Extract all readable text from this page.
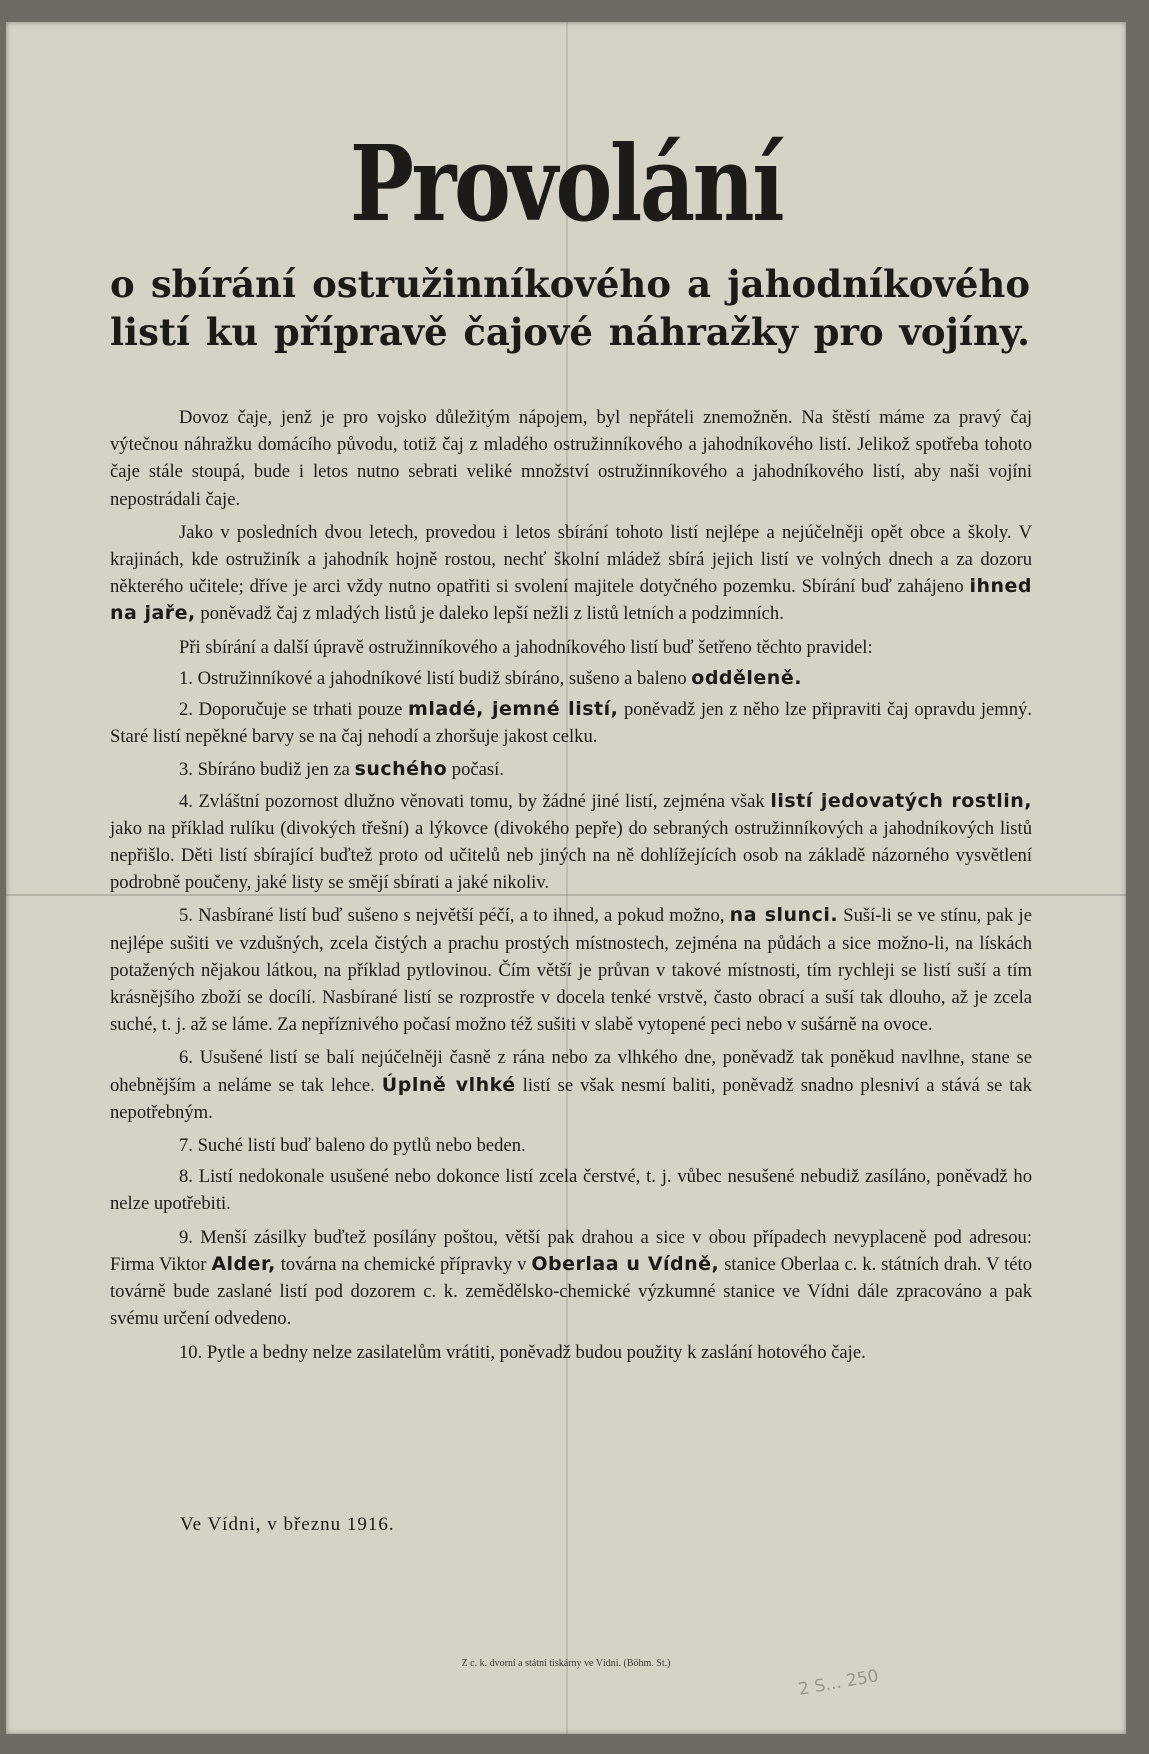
Provolání
o sbírání ostružinníkového a jahodníkového listí ku přípravě čajové náhražky pro vojíny.

Dovoz čaje, jenž je pro vojsko důležitým nápojem, byl nepřáteli znemožněn. Na štěstí máme za pravý čaj výtečnou náhražku domácího původu, totiž čaj z mladého ostružinníkového a jahodníkového listí. Jelikož spotřeba tohoto čaje stále stoupá, bude i letos nutno sebrati veliké množství ostružinníkového a jahodníkového listí, aby naši vojíni nepostrádali čaje.

Jako v posledních dvou letech, provedou i letos sbírání tohoto listí nejlépe a nejúčelněji opět obce a školy. V krajinách, kde ostružiník a jahodník hojně rostou, nechť školní mládež sbírá jejich listí ve volných dnech a za dozoru některého učitele; dříve je arci vždy nutno opatřiti si svolení majitele dotyčného pozemku. Sbírání buď zahájeno ihned na jaře, poněvadž čaj z mladých listů je daleko lepší nežli z listů letních a podzimních.

Při sbírání a další úpravě ostružinníkového a jahodníkového listí buď šetřeno těchto pravidel:

1. Ostružinníkové a jahodníkové listí budiž sbíráno, sušeno a baleno odděleně.

2. Doporučuje se trhati pouze mladé, jemné listí, poněvadž jen z něho lze připraviti čaj opravdu jemný. Staré listí nepěkné barvy se na čaj nehodí a zhoršuje jakost celku.

3. Sbíráno budiž jen za suchého počasí.

4. Zvláštní pozornost dlužno věnovati tomu, by žádné jiné listí, zejména však listí jedovatých rostlin, jako na příklad rulíku (divokých třešní) a lýkovce (divokého pepře) do sebraných ostružinníkových a jahodníkových listů nepřišlo. Děti listí sbírající buďtež proto od učitelů neb jiných na ně dohlížejících osob na základě názorného vysvětlení podrobně poučeny, jaké listy se smějí sbírati a jaké nikoliv.

5. Nasbírané listí buď sušeno s největší péčí, a to ihned, a pokud možno, na slunci. Suší-li se ve stínu, pak je nejlépe sušiti ve vzdušných, zcela čistých a prachu prostých místnostech, zejména na půdách a sice možno-li, na lískách potažených nějakou látkou, na příklad pytlovinou. Čím větší je průvan v takové místnosti, tím rychleji se listí suší a tím krásnějšího zboží se docílí. Nasbírané listí se rozprostře v docela tenké vrstvě, často obrací a suší tak dlouho, až je zcela suché, t. j. až se láme. Za nepříznivého počasí možno též sušiti v slabě vytopené peci nebo v sušárně na ovoce.

6. Usušené listí se balí nejúčelněji časně z rána nebo za vlhkého dne, poněvadž tak poněkud navlhne, stane se ohebnějším a neláme se tak lehce. Úplně vlhké listí se však nesmí baliti, poněvadž snadno plesniví a stává se tak nepotřebným.

7. Suché listí buď baleno do pytlů nebo beden.

8. Listí nedokonale usušené nebo dokonce listí zcela čerstvé, t. j. vůbec nesušené nebudiž zasíláno, poněvadž ho nelze upotřebiti.

9. Menší zásilky buďtež posílány poštou, větší pak drahou a sice v obou případech nevyplaceně pod adresou: Firma Viktor Alder, továrna na chemické přípravky v Oberlaa u Vídně, stanice Oberlaa c. k. státních drah. V této továrně bude zaslané listí pod dozorem c. k. zemědělsko-chemické výzkumné stanice ve Vídni dále zpracováno a pak svému určení odvedeno.

10. Pytle a bedny nelze zasilatelům vrátiti, poněvadž budou použity k zaslání hotového čaje.

Ve Vídni, v březnu 1916.
Z c. k. dvorní a státní tiskárny ve Vídni. (Böhm. St.)
2 S... 250
